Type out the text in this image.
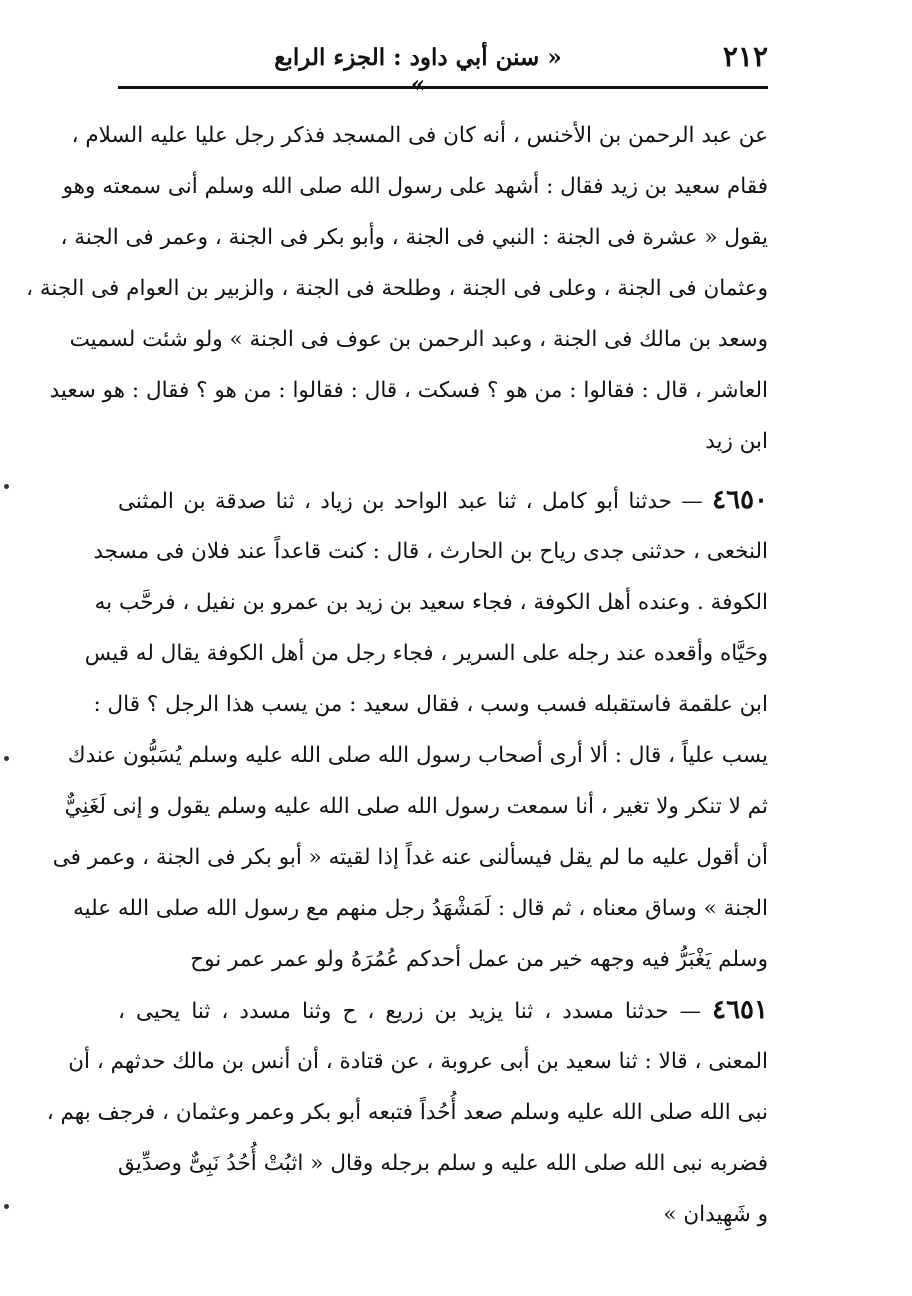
٢١٢
« سنن أبي داود : الجزء الرابع »
عن عبد الرحمن بن الأخنس ، أنه كان فى المسجد فذكر رجل عليا عليه السلام ،
فقام سعيد بن زيد فقال : أشهد على رسول الله صلى الله وسلم أنى سمعته وهو
يقول « عشرة فى الجنة : النبي فى الجنة ، وأبو بكر فى الجنة ، وعمر فى الجنة ،
وعثمان فى الجنة ، وعلى فى الجنة ، وطلحة فى الجنة ، والزبير بن العوام فى الجنة ،
وسعد بن مالك فى الجنة ، وعبد الرحمن بن عوف فى الجنة » ولو شئت لسميت
العاشر ، قال : فقالوا : من هو ؟ فسكت ، قال : فقالوا : من هو ؟ فقال : هو سعيد
ابن زيد
٤٦٥٠ — حدثنا أبو كامل ، ثنا عبد الواحد بن زياد ، ثنا صدقة بن المثنى
النخعى ، حدثنى جدى رياح بن الحارث ، قال : كنت قاعداً عند فلان فى مسجد
الكوفة . وعنده أهل الكوفة ، فجاء سعيد بن زيد بن عمرو بن نفيل ، فرحَّب به
وحَيَّاه وأقعده عند رجله على السرير ، فجاء رجل من أهل الكوفة يقال له قيس
ابن علقمة فاستقبله فسب وسب ، فقال سعيد : من يسب هذا الرجل ؟ قال :
يسب علياً ، قال : ألا أرى أصحاب رسول الله صلى الله عليه وسلم يُسَبُّون عندك
ثم لا تنكر ولا تغير ، أنا سمعت رسول الله صلى الله عليه وسلم يقول و إنى لَغَنِيٌّ
أن أقول عليه ما لم يقل فيسألنى عنه غداً إذا لقيته « أبو بكر فى الجنة ، وعمر فى
الجنة » وساق معناه ، ثم قال : لَمَشْهَدُ رجل منهم مع رسول الله صلى الله عليه
وسلم يَغْبَرُّ فيه وجهه خير من عمل أحدكم عُمُرَهُ ولو عمر عمر نوح
٤٦٥١ — حدثنا مسدد ، ثنا يزيد بن زريع ، ح وثنا مسدد ، ثنا يحيى ،
المعنى ، قالا : ثنا سعيد بن أبى عروبة ، عن قتادة ، أن أنس بن مالك حدثهم ، أن
نبى الله صلى الله عليه وسلم صعد أُحُداً فتبعه أبو بكر وعمر وعثمان ، فرجف بهم ،
فضربه نبى الله صلى الله عليه و سلم برجله وقال « اثبُتْ أُحُدُ نَبِىٌّ وصدِّيق
و شَهِيدان »
